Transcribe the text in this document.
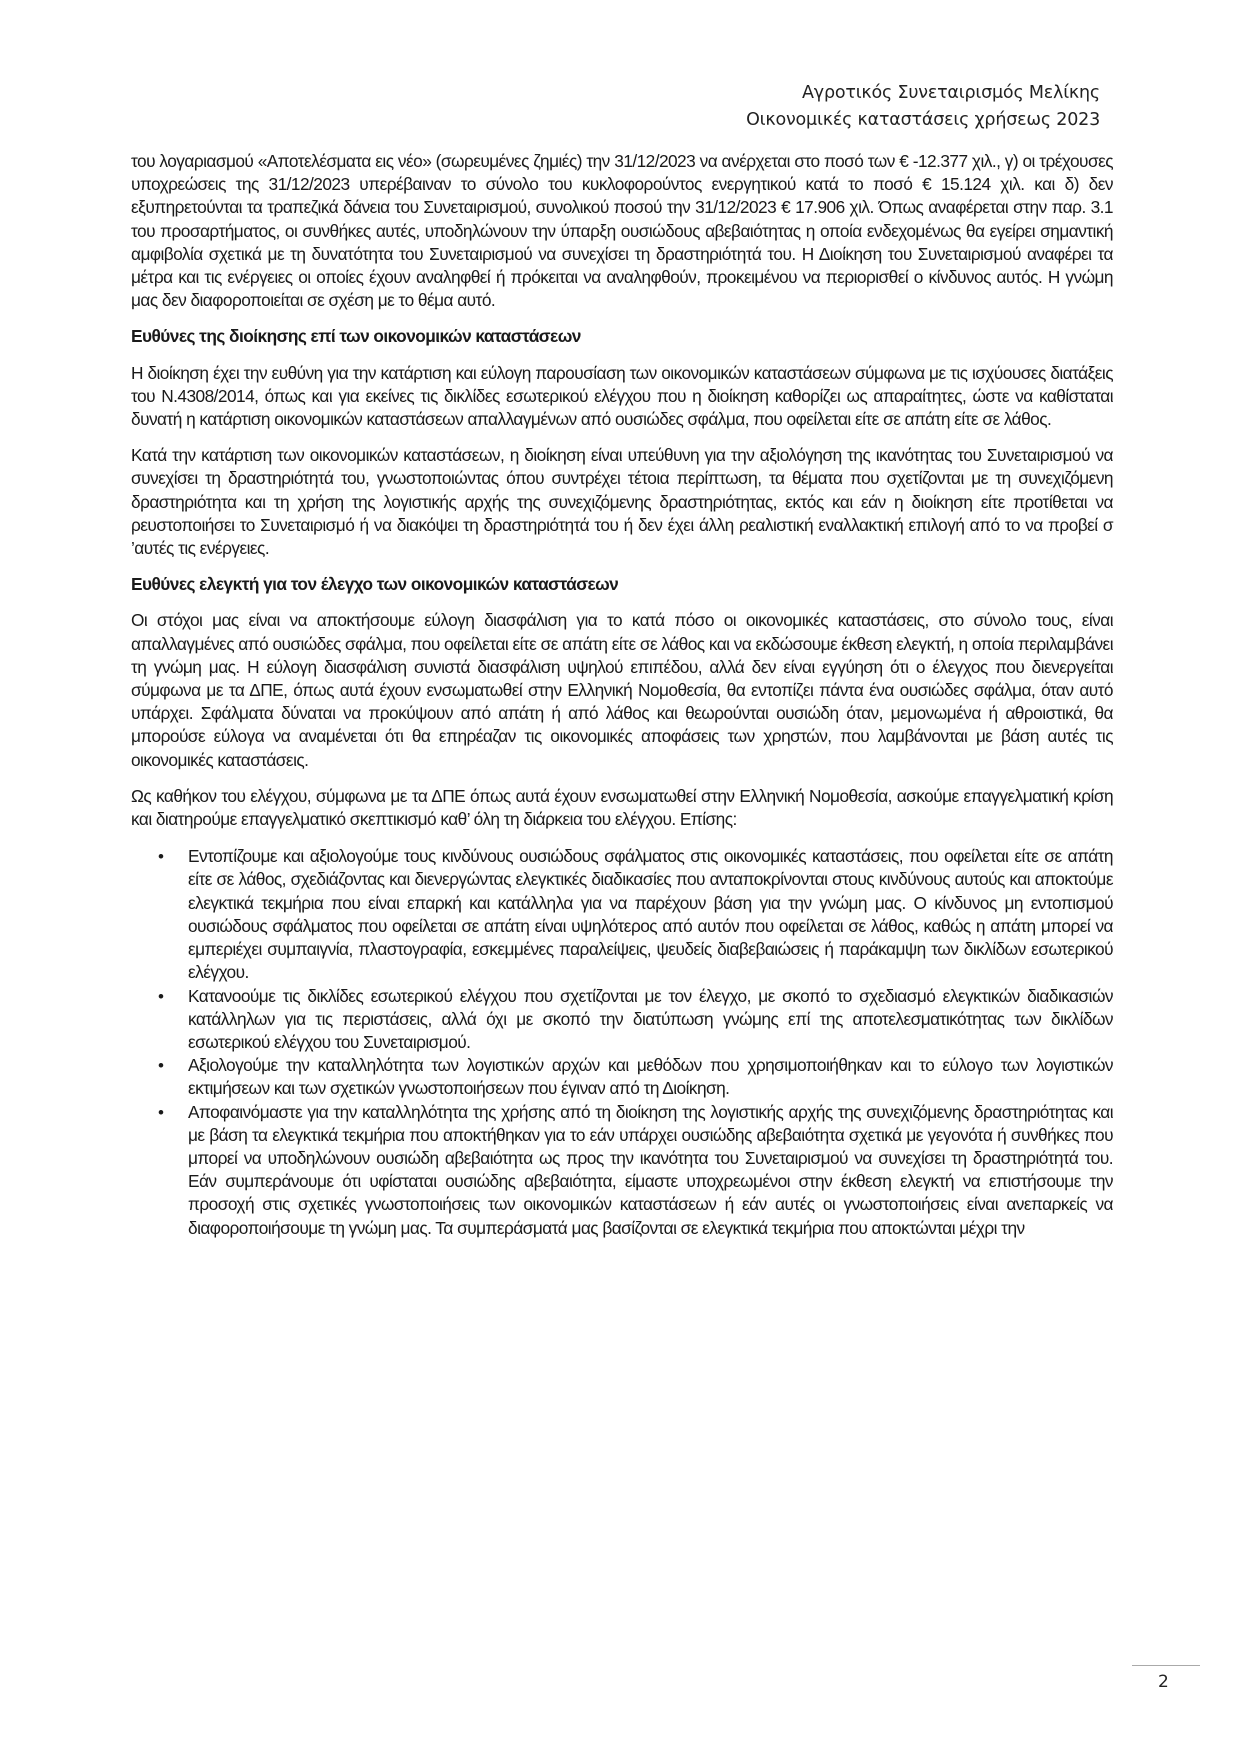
Αγροτικός Συνεταιρισμός Μελίκης
Οικονομικές καταστάσεις χρήσεως 2023

του λογαριασμού «Αποτελέσματα εις νέο» (σωρευμένες ζημιές) την 31/12/2023 να ανέρχεται στο ποσό των € -12.377 χιλ., γ) οι τρέχουσες υποχρεώσεις της 31/12/2023 υπερέβαιναν το σύνολο του κυκλοφορούντος ενεργητικού κατά το ποσό € 15.124 χιλ. και δ) δεν εξυπηρετούνται τα τραπεζικά δάνεια του Συνεταιρισμού, συνολικού ποσού την 31/12/2023 € 17.906 χιλ. Όπως αναφέρεται στην παρ. 3.1 του προσαρτήματος, οι συνθήκες αυτές, υποδηλώνουν την ύπαρξη ουσιώδους αβεβαιότητας η οποία ενδεχομένως θα εγείρει σημαντική αμφιβολία σχετικά με τη δυνατότητα του Συνεταιρισμού να συνεχίσει τη δραστηριότητά του. Η Διοίκηση του Συνεταιρισμού αναφέρει τα μέτρα και τις ενέργειες οι οποίες έχουν αναληφθεί ή πρόκειται να αναληφθούν, προκειμένου να περιορισθεί ο κίνδυνος αυτός. Η γνώμη μας δεν διαφοροποιείται σε σχέση με το θέμα αυτό.

Ευθύνες της διοίκησης επί των οικονομικών καταστάσεων

Η διοίκηση έχει την ευθύνη για την κατάρτιση και εύλογη παρουσίαση των οικονομικών καταστάσεων σύμφωνα με τις ισχύουσες διατάξεις του Ν.4308/2014, όπως και για εκείνες τις δικλίδες εσωτερικού ελέγχου που η διοίκηση καθορίζει ως απαραίτητες, ώστε να καθίσταται δυνατή η κατάρτιση οικονομικών καταστάσεων απαλλαγμένων από ουσιώδες σφάλμα, που οφείλεται είτε σε απάτη είτε σε λάθος.

Κατά την κατάρτιση των οικονομικών καταστάσεων, η διοίκηση είναι υπεύθυνη για την αξιολόγηση της ικανότητας του Συνεταιρισμού να συνεχίσει τη δραστηριότητά του, γνωστοποιώντας όπου συντρέχει τέτοια περίπτωση, τα θέματα που σχετίζονται με τη συνεχιζόμενη δραστηριότητα και τη χρήση της λογιστικής αρχής της συνεχιζόμενης δραστηριότητας, εκτός και εάν η διοίκηση είτε προτίθεται να ρευστοποιήσει το Συνεταιρισμό ή να διακόψει τη δραστηριότητά του ή δεν έχει άλλη ρεαλιστική εναλλακτική επιλογή από το να προβεί σ ’αυτές τις ενέργειες.

Ευθύνες ελεγκτή για τον έλεγχο των οικονομικών καταστάσεων

Οι στόχοι μας είναι να αποκτήσουμε εύλογη διασφάλιση για το κατά πόσο οι οικονομικές καταστάσεις, στο σύνολο τους, είναι απαλλαγμένες από ουσιώδες σφάλμα, που οφείλεται είτε σε απάτη είτε σε λάθος και να εκδώσουμε έκθεση ελεγκτή, η οποία περιλαμβάνει τη γνώμη μας. Η εύλογη διασφάλιση συνιστά διασφάλιση υψηλού επιπέδου, αλλά δεν είναι εγγύηση ότι ο έλεγχος που διενεργείται σύμφωνα με τα ΔΠΕ, όπως αυτά έχουν ενσωματωθεί στην Ελληνική Νομοθεσία, θα εντοπίζει πάντα ένα ουσιώδες σφάλμα, όταν αυτό υπάρχει. Σφάλματα δύναται να προκύψουν από απάτη ή από λάθος και θεωρούνται ουσιώδη όταν, μεμονωμένα ή αθροιστικά, θα μπορούσε εύλογα να αναμένεται ότι θα επηρέαζαν τις οικονομικές αποφάσεις των χρηστών, που λαμβάνονται με βάση αυτές τις οικονομικές καταστάσεις.

Ως καθήκον του ελέγχου, σύμφωνα με τα ΔΠΕ όπως αυτά έχουν ενσωματωθεί στην Ελληνική Νομοθεσία, ασκούμε επαγγελματική κρίση και διατηρούμε επαγγελματικό σκεπτικισμό καθ’ όλη τη διάρκεια του ελέγχου. Επίσης:

• Εντοπίζουμε και αξιολογούμε τους κινδύνους ουσιώδους σφάλματος στις οικονομικές καταστάσεις, που οφείλεται είτε σε απάτη είτε σε λάθος, σχεδιάζοντας και διενεργώντας ελεγκτικές διαδικασίες που ανταποκρίνονται στους κινδύνους αυτούς και αποκτούμε ελεγκτικά τεκμήρια που είναι επαρκή και κατάλληλα για να παρέχουν βάση για την γνώμη μας. Ο κίνδυνος μη εντοπισμού ουσιώδους σφάλματος που οφείλεται σε απάτη είναι υψηλότερος από αυτόν που οφείλεται σε λάθος, καθώς η απάτη μπορεί να εμπεριέχει συμπαιγνία, πλαστογραφία, εσκεμμένες παραλείψεις, ψευδείς διαβεβαιώσεις ή παράκαμψη των δικλίδων εσωτερικού ελέγχου.
• Κατανοούμε τις δικλίδες εσωτερικού ελέγχου που σχετίζονται με τον έλεγχο, με σκοπό το σχεδιασμό ελεγκτικών διαδικασιών κατάλληλων για τις περιστάσεις, αλλά όχι με σκοπό την διατύπωση γνώμης επί της αποτελεσματικότητας των δικλίδων εσωτερικού ελέγχου του Συνεταιρισμού.
• Αξιολογούμε την καταλληλότητα των λογιστικών αρχών και μεθόδων που χρησιμοποιήθηκαν και το εύλογο των λογιστικών εκτιμήσεων και των σχετικών γνωστοποιήσεων που έγιναν από τη Διοίκηση.
• Αποφαινόμαστε για την καταλληλότητα της χρήσης από τη διοίκηση της λογιστικής αρχής της συνεχιζόμενης δραστηριότητας και με βάση τα ελεγκτικά τεκμήρια που αποκτήθηκαν για το εάν υπάρχει ουσιώδης αβεβαιότητα σχετικά με γεγονότα ή συνθήκες που μπορεί να υποδηλώνουν ουσιώδη αβεβαιότητα ως προς την ικανότητα του Συνεταιρισμού να συνεχίσει τη δραστηριότητά του. Εάν συμπεράνουμε ότι υφίσταται ουσιώδης αβεβαιότητα, είμαστε υποχρεωμένοι στην έκθεση ελεγκτή να επιστήσουμε την προσοχή στις σχετικές γνωστοποιήσεις των οικονομικών καταστάσεων ή εάν αυτές οι γνωστοποιήσεις είναι ανεπαρκείς να διαφοροποιήσουμε τη γνώμη μας. Τα συμπεράσματά μας βασίζονται σε ελεγκτικά τεκμήρια που αποκτώνται μέχρι την
2
